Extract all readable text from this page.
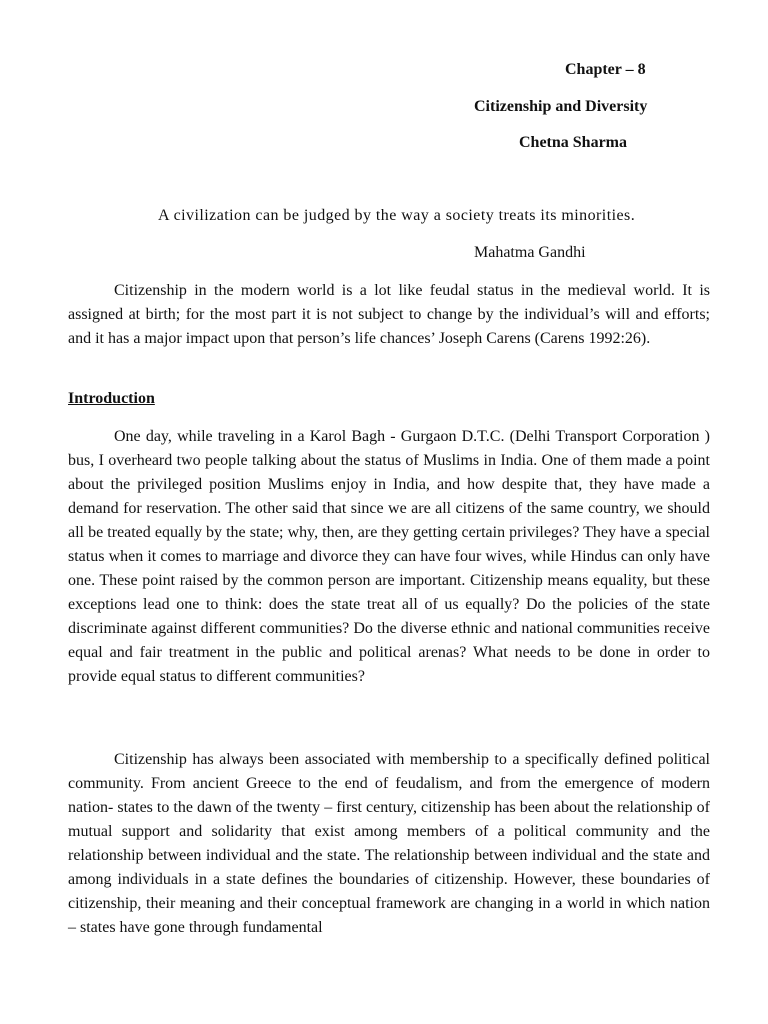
Chapter – 8
Citizenship and Diversity
Chetna Sharma
A civilization can be judged by the way a society treats its minorities.
Mahatma Gandhi

Citizenship in the modern world is a lot like feudal status in the medieval world. It is assigned at birth; for the most part it is not subject to change by the individual’s will and efforts; and it has a major impact upon that person’s life chances’ Joseph Carens (Carens 1992:26).

Introduction

One day, while traveling in a Karol Bagh - Gurgaon D.T.C. (Delhi Transport Corporation ) bus, I overheard two people talking about the status of Muslims in India. One of them made a point about the privileged position Muslims enjoy in India, and how despite that, they have made a demand for reservation. The other said that since we are all citizens of the same country, we should all be treated equally by the state; why, then, are they getting certain privileges? They have a special status when it comes to marriage and divorce they can have four wives, while Hindus can only have one. These point raised by the common person are important. Citizenship means equality, but these exceptions lead one to think: does the state treat all of us equally? Do the policies of the state discriminate against different communities? Do the diverse ethnic and national communities receive equal and fair treatment in the public and political arenas? What needs to be done in order to provide equal status to different communities?

Citizenship has always been associated with membership to a specifically defined political community. From ancient Greece to the end of feudalism, and from the emergence of modern nation- states to the dawn of the twenty – first century, citizenship has been about the relationship of mutual support and solidarity that exist among members of a political community and the relationship between individual and the state. The relationship between individual and the state and among individuals in a state defines the boundaries of citizenship. However, these boundaries of citizenship, their meaning and their conceptual framework are changing in a world in which nation – states have gone through fundamental
